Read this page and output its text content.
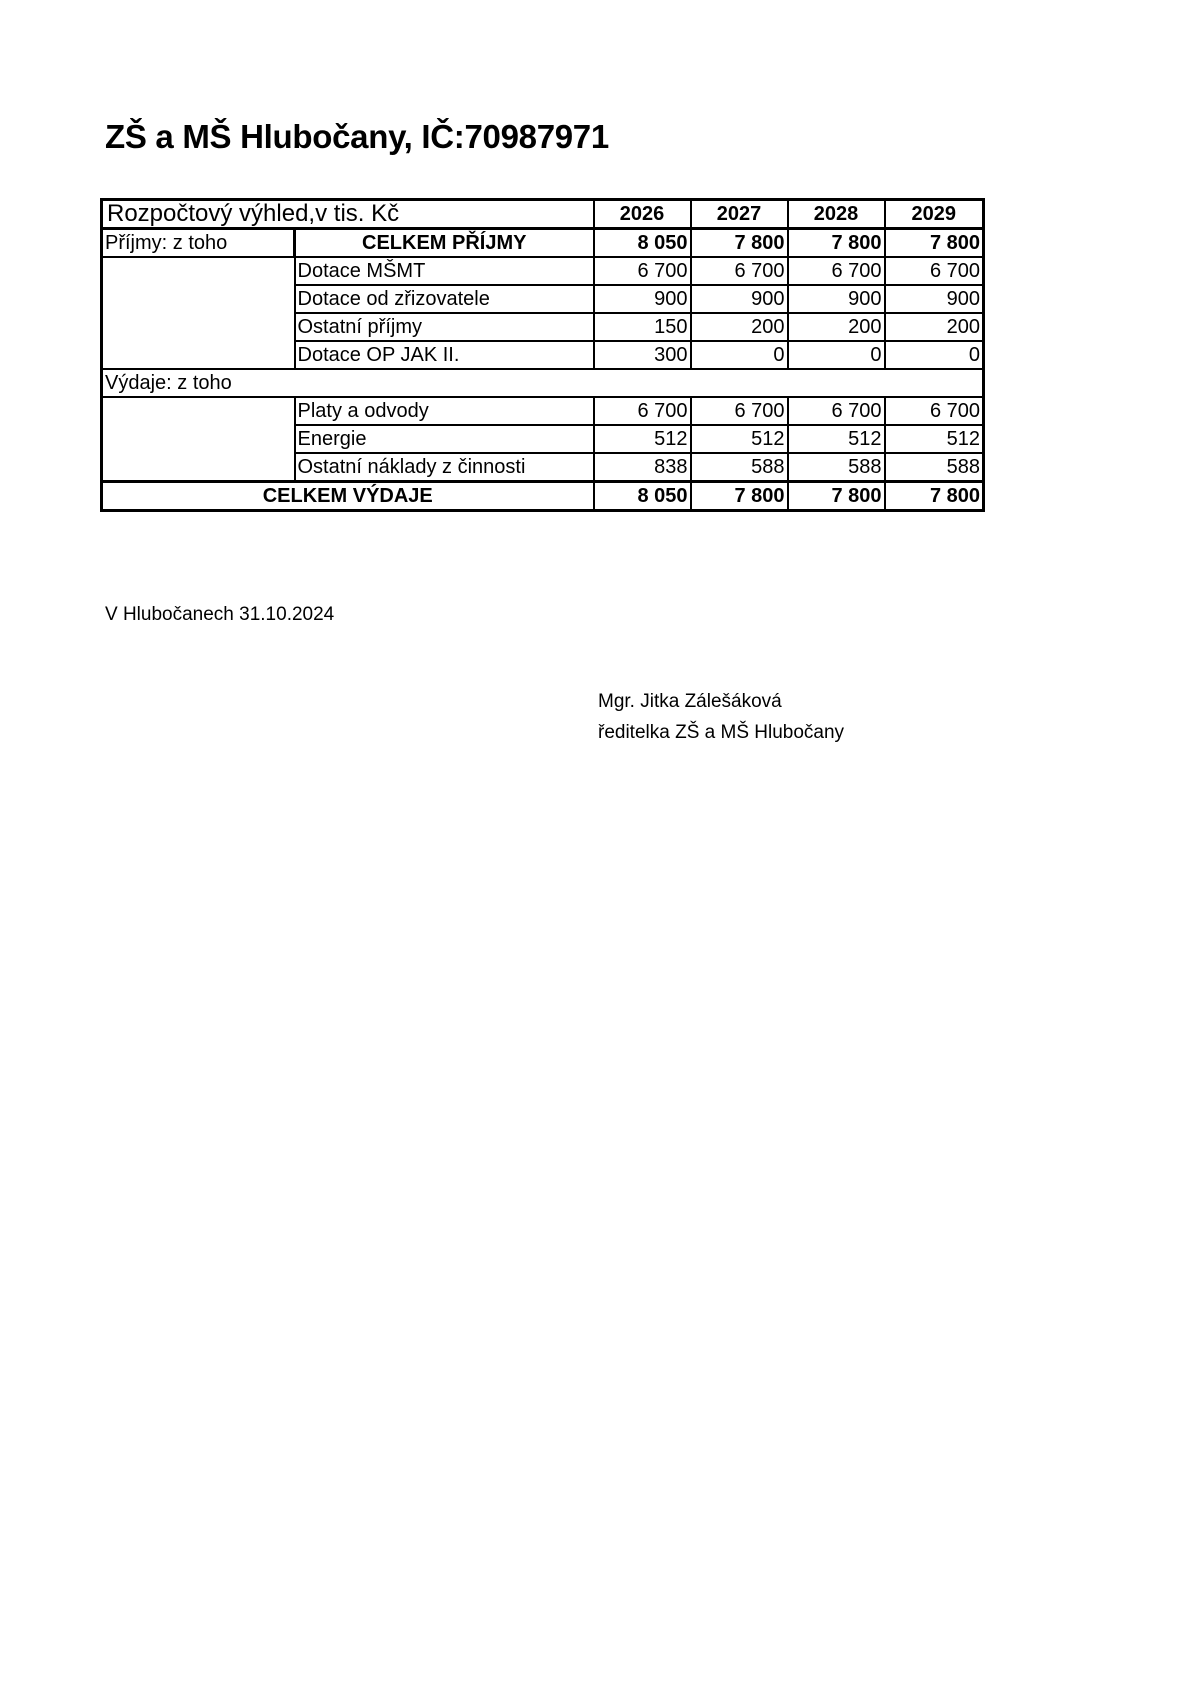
ZŠ a MŠ Hlubočany, IČ:70987971
Rozpočtový výhled,v tis. Kč		2026	2027	2028	2029
Příjmy: z toho	CELKEM PŘÍJMY	8 050	7 800	7 800	7 800
	Dotace MŠMT	6 700	6 700	6 700	6 700
	Dotace od zřizovatele	900	900	900	900
	Ostatní příjmy	150	200	200	200
	Dotace OP JAK II.	300	0	0	0
Výdaje: z toho					
	Platy a odvody	6 700	6 700	6 700	6 700
	Energie	512	512	512	512
	Ostatní náklady z činnosti	838	588	588	588
CELKEM VÝDAJE		8 050	7 800	7 800	7 800
V Hlubočanech 31.10.2024
Mgr. Jitka Zálešáková
ředitelka ZŠ a MŠ Hlubočany
